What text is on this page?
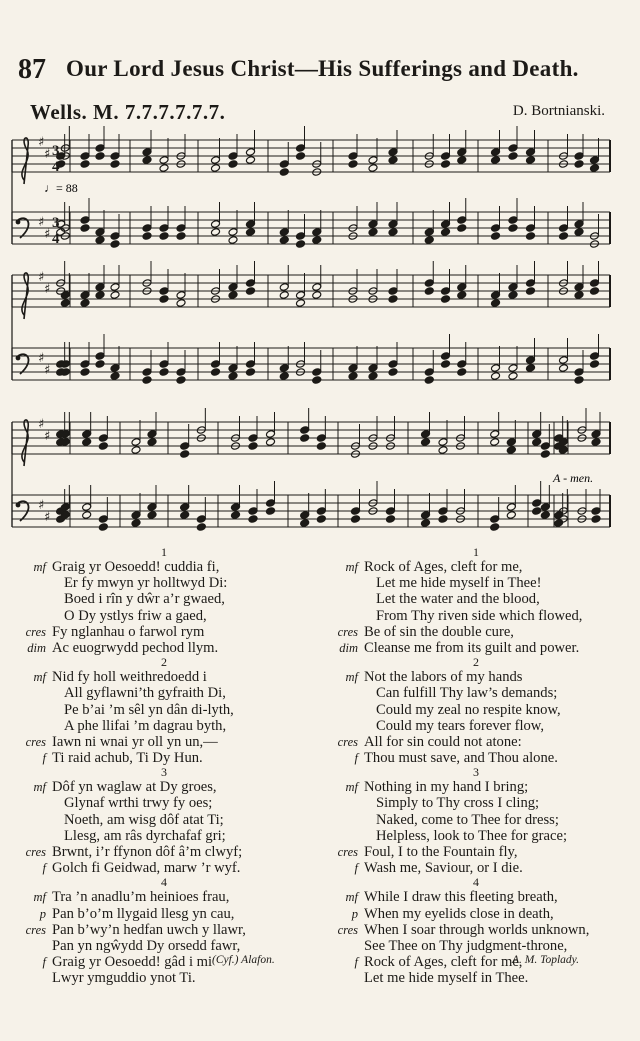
87 Our Lord Jesus Christ—His Sufferings and Death.
Wells. M. 7.7.7.7.7.7.	D. Bortnianski.
♯
♯
♯
♯
♯
♯
♯
♯
♯
♯
♯
♯
3
4
3
4
♩= 88
A - men.
1
mf Graig yr Oesoedd! cuddia fi,
Er fy mwyn yr holltwyd Di:
Boed i rîn y dŵr a’r gwaed,
O Dy ystlys friw a gaed,
cres Fy nglanhau o farwol rym
dim Ac euogrwydd pechod llym.
2
mf Nid fy holl weithredoedd i
All gyflawni’th gyfraith Di,
Pe b’ai ’m sêl yn dân di-lyth,
A phe llifai ’m dagrau byth,
cres Iawn ni wnai yr oll yn un,—
f Ti raid achub, Ti Dy Hun.
3
mf Dôf yn waglaw at Dy groes,
Glynaf wrthi trwy fy oes;
Noeth, am wisg dôf atat Ti;
Llesg, am râs dyrchafaf gri;
cres Brwnt, i’r ffynon dôf â’m clwyf;
f Golch fi Geidwad, marw ’r wyf.
4
mf Tra ’n anadlu’m heinioes frau,
p Pan b’o’m llygaid llesg yn cau,
cres Pan b’wy’n hedfan uwch y llawr,
Pan yn ngŵydd Dy orsedd fawr,
f Graig yr Oesoedd! gâd i mi
Lwyr ymguddio ynot Ti.
1
mf Rock of Ages, cleft for me,
Let me hide myself in Thee!
Let the water and the blood,
From Thy riven side which flowed,
cres Be of sin the double cure,
dim Cleanse me from its guilt and power.
2
mf Not the labors of my hands
Can fulfill Thy law’s demands;
Could my zeal no respite know,
Could my tears forever flow,
cres All for sin could not atone:
f Thou must save, and Thou alone.
3
mf Nothing in my hand I bring;
Simply to Thy cross I cling;
Naked, come to Thee for dress;
Helpless, look to Thee for grace;
cres Foul, I to the Fountain fly,
f Wash me, Saviour, or I die.
4
mf While I draw this fleeting breath,
p When my eyelids close in death,
cres When I soar through worlds unknown,
See Thee on Thy judgment-throne,
f Rock of Ages, cleft for me,
Let me hide myself in Thee.
(Cyf.) Alafon.	A. M. Toplady.
